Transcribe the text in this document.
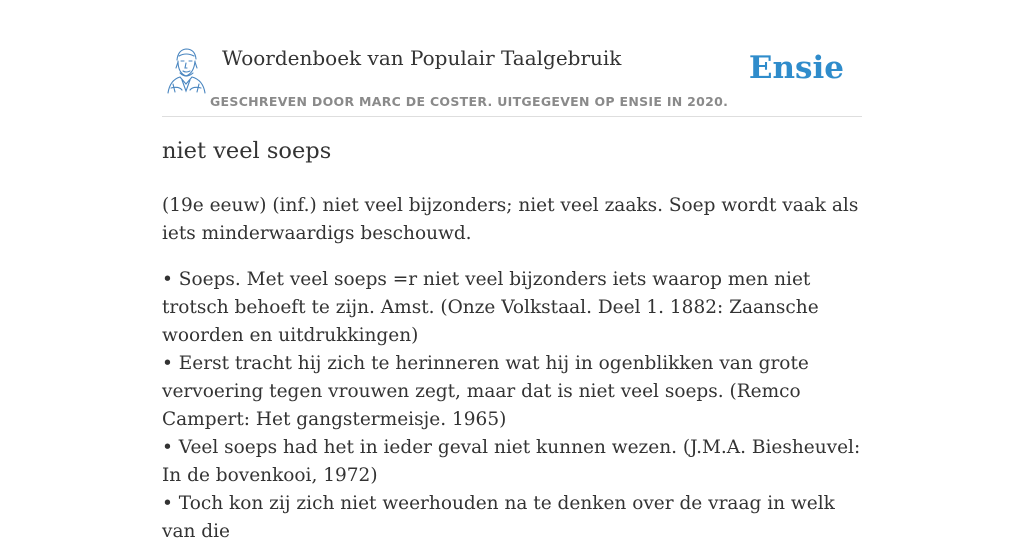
Woordenboek van Populair Taalgebruik
GESCHREVEN DOOR MARC DE COSTER. UITGEGEVEN OP ENSIE IN 2020.
Ensie
niet veel soeps

(19e eeuw) (inf.) niet veel bijzonders; niet veel zaaks. Soep wordt vaak als iets minderwaardigs beschouwd.

• Soeps. Met veel soeps =r niet veel bijzonders iets waarop men niet trotsch behoeft te zijn. Amst. (Onze Volkstaal. Deel 1. 1882: Zaansche woorden en uitdrukkingen)
• Eerst tracht hij zich te herinneren wat hij in ogenblikken van grote vervoering tegen vrouwen zegt, maar dat is niet veel soeps. (Remco Campert: Het gangstermeisje. 1965)
• Veel soeps had het in ieder geval niet kunnen wezen. (J.M.A. Biesheuvel: In de bovenkooi, 1972)
• Toch kon zij zich niet weerhouden na te denken over de vraag in welk van die
